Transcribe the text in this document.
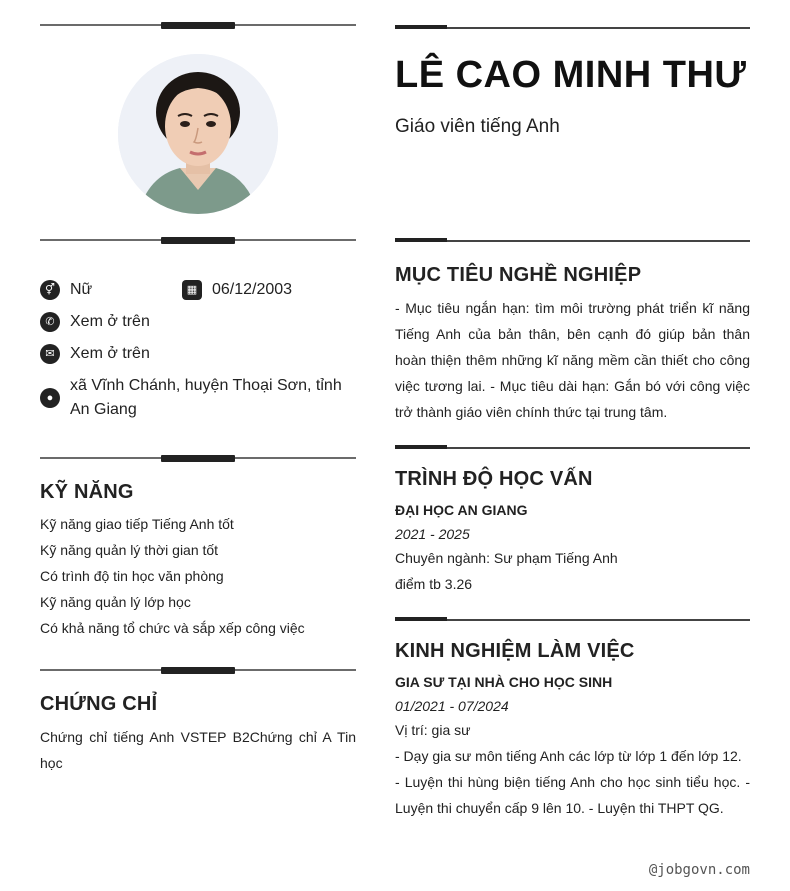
⚥ Nữ	▦ 06/12/2003
✆ Xem ở trên
✉ Xem ở trên
●
xã Vĩnh Chánh, huyện Thoại Sơn, tỉnh An Giang
KỸ NĂNG
Kỹ năng giao tiếp Tiếng Anh tốt
Kỹ năng quản lý thời gian tốt
Có trình độ tin học văn phòng
Kỹ năng quản lý lớp học
Có khả năng tổ chức và sắp xếp công việc
CHỨNG CHỈ
Chứng chỉ tiếng Anh VSTEP B2Chứng chỉ A Tin học
LÊ CAO MINH THƯ
Giáo viên tiếng Anh
MỤC TIÊU NGHỀ NGHIỆP
- Mục tiêu ngắn hạn: tìm môi trường phát triển kĩ năng Tiếng Anh của bản thân, bên cạnh đó giúp bản thân hoàn thiện thêm những kĩ năng mềm cần thiết cho công việc tương lai. - Mục tiêu dài hạn: Gắn bó với công việc trở thành giáo viên chính thức tại trung tâm.
TRÌNH ĐỘ HỌC VẤN
ĐẠI HỌC AN GIANG
2021 - 2025
Chuyên ngành: Sư phạm Tiếng Anh
điểm tb 3.26
KINH NGHIỆM LÀM VIỆC
GIA SƯ TẠI NHÀ CHO HỌC SINH
01/2021 - 07/2024
Vị trí: gia sư
- Dạy gia sư môn tiếng Anh các lớp từ lớp 1 đến lớp 12.
- Luyện thi hùng biện tiếng Anh cho học sinh tiểu học. - Luyện thi chuyển cấp 9 lên 10. - Luyện thi THPT QG.
@jobgovn.com
